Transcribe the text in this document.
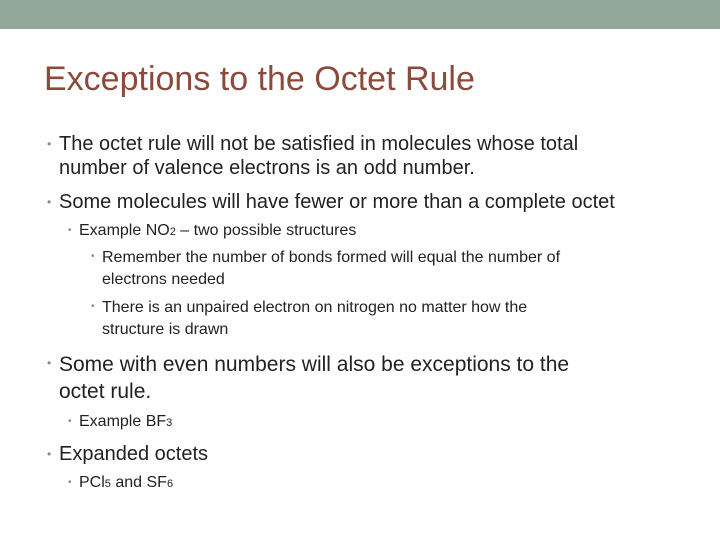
Exceptions to the Octet Rule
• The octet rule will not be satisfied in molecules whose total
number of valence electrons is an odd number.
• Some molecules will have fewer or more than a complete octet
• Example NO2 – two possible structures
• Remember the number of bonds formed will equal the number of
electrons needed
• There is an unpaired electron on nitrogen no matter how the
structure is drawn
• Some with even numbers will also be exceptions to the
octet rule.
• Example BF3
• Expanded octets
• PCl5 and SF6
